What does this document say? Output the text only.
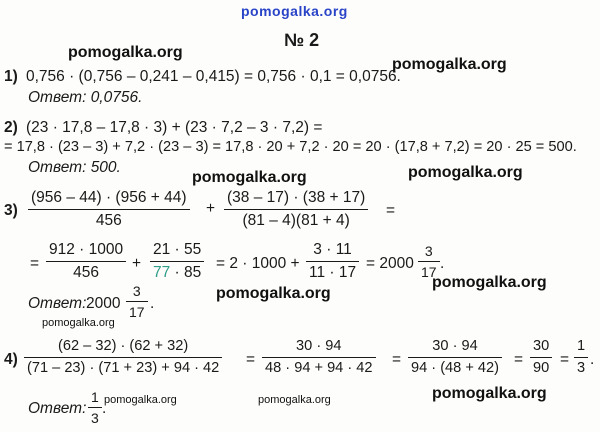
pomogalka.org
pomogalka.org
pomogalka.org
pomogalka.org	pomogalka.org
pomogalka.org
pomogalka.org
pomogalka.org
pomogalka.org	pomogalka.org	pomogalka.org
№ 2
1) 0,756 · (0,756 – 0,241 – 0,415) = 0,756 · 0,1 = 0,0756.
Ответ: 0,0756.
2) (23 · 17,8 – 17,8 · 3) + (23 · 7,2 – 3 · 7,2) =
= 17,8 · (23 – 3) + 7,2 · (23 – 3) = 17,8 · 20 + 7,2 · 20 = 20 · (17,8 + 7,2) = 20 · 25 = 500.
Ответ: 500.
$3) \frac{(956 - 44) \cdot (956 + 44)}{456} + \frac{(38 - 17) \cdot (38 + 17)}{(81 - 4)(81 + 4)}$ =
= $\frac{912 \cdot 1000}{456} + \frac{21 \cdot 55}{77 \cdot 85} = 2 \cdot 1000 + \frac{3 \cdot 11}{11 \cdot 17} = 2000 \frac{3}{17}$ .
Ответ: $2000 \frac{3}{17}$ .
$4) \frac{(62 - 32) \cdot (62 + 32)}{(71 - 23) \cdot (71 + 23) + 94 \cdot 42} = \frac{30 \cdot 94}{48 \cdot 94 + 94 \cdot 42} = \frac{30 \cdot 94}{94 \cdot (48 + 42)} = \frac{30}{90} = \frac{1}{3}$ .
Ответ: $\frac{1}{3}$ .
